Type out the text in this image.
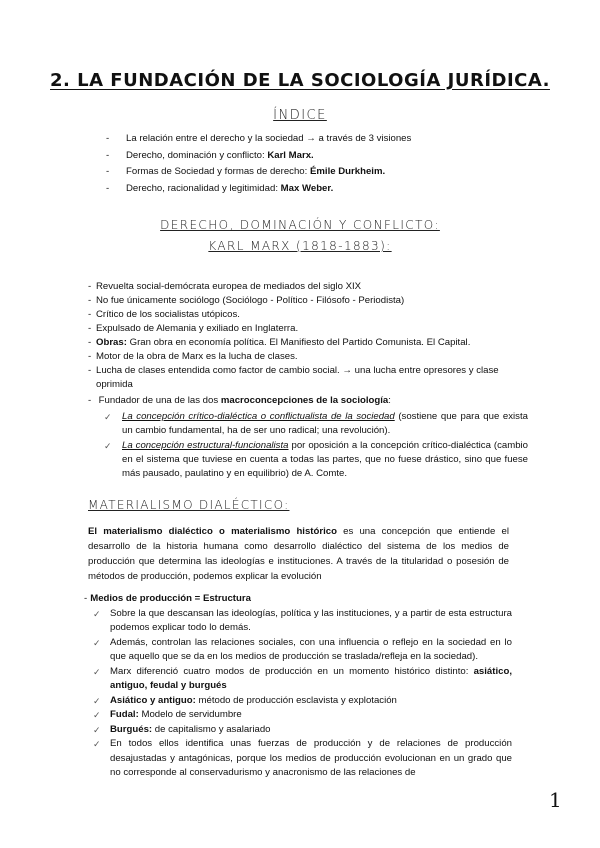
2. LA FUNDACIÓN DE LA SOCIOLOGÍA JURÍDICA.
ÍNDICE
- La relación entre el derecho y la sociedad → a través de 3 visiones
- Derecho, dominación y conflicto: Karl Marx.
- Formas de Sociedad y formas de derecho: Émile Durkheim.
- Derecho, racionalidad y legitimidad: Max Weber.
DERECHO, DOMINACIÓN Y CONFLICTO:
KARL MARX (1818-1883):
- Revuelta social-demócrata europea de mediados del siglo XIX
- No fue únicamente sociólogo (Sociólogo - Político - Filósofo - Periodista)
- Crítico de los socialistas utópicos.
- Expulsado de Alemania y exiliado en Inglaterra.
- Obras: Gran obra en economía política. El Manifiesto del Partido Comunista. El Capital.
- Motor de la obra de Marx es la lucha de clases.
- Lucha de clases entendida como factor de cambio social. → una lucha entre opresores y clase oprimida
- Fundador de una de las dos macroconcepciones de la sociología:
✓ La concepción crítico-dialéctica o conflictualista de la sociedad (sostiene que para que exista un cambio fundamental, ha de ser uno radical; una revolución).
✓ La concepción estructural-funcionalista por oposición a la concepción crítico-dialéctica (cambio en el sistema que tuviese en cuenta a todas las partes, que no fuese drástico, sino que fuese más pausado, paulatino y en equilibrio) de A. Comte.
MATERIALISMO DIALÉCTICO:

El materialismo dialéctico o materialismo histórico es una concepción que entiende el desarrollo de la historia humana como desarrollo dialéctico del sistema de los medios de producción que determina las ideologías e instituciones. A través de la titularidad o posesión de métodos de producción, podemos explicar la evolución

- Medios de producción = Estructura
✓ Sobre la que descansan las ideologías, política y las instituciones, y a partir de esta estructura podemos explicar todo lo demás.
✓ Además, controlan las relaciones sociales, con una influencia o reflejo en la sociedad en lo que aquello que se da en los medios de producción se traslada/refleja en la sociedad).
✓ Marx diferenció cuatro modos de producción en un momento histórico distinto: asiático, antiguo, feudal y burgués
✓ Asiático y antiguo: método de producción esclavista y explotación
✓ Fudal: Modelo de servidumbre
✓ Burgués: de capitalismo y asalariado
✓ En todos ellos identifica unas fuerzas de producción y de relaciones de producción desajustadas y antagónicas, porque los medios de producción evolucionan en un grado que no corresponde al conservadurismo y anacronismo de las relaciones de
1
